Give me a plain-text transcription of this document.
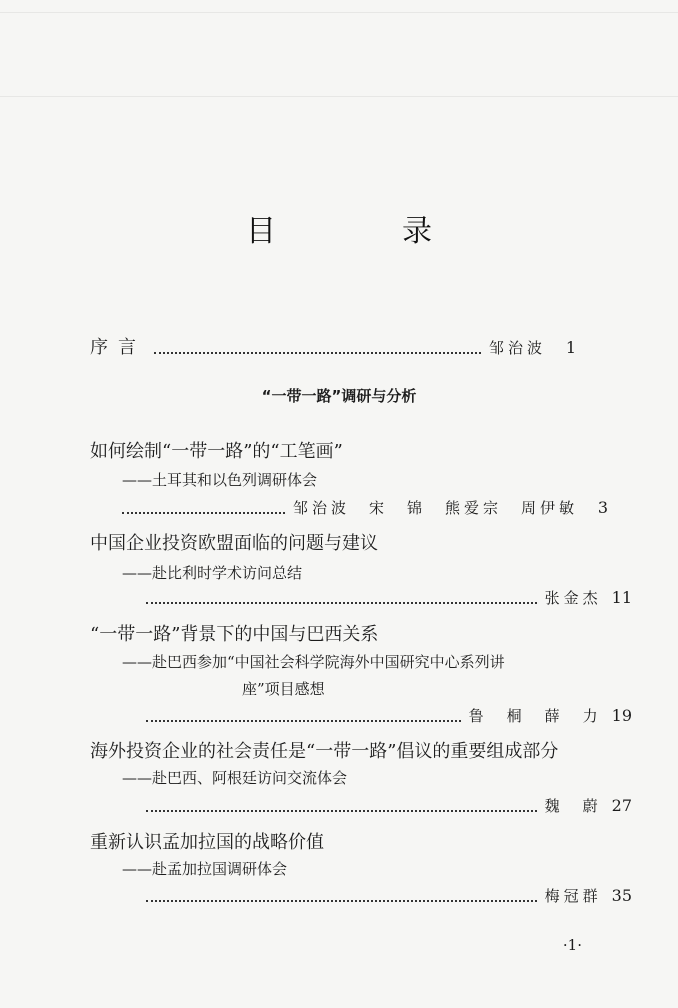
目　录
序言	邹治波	1
“一带一路”调研与分析
如何绘制“一带一路”的“工笔画”
——土耳其和以色列调研体会
邹治波　宋　锦　熊爱宗　周伊敏	3
中国企业投资欧盟面临的问题与建议
——赴比利时学术访问总结
张金杰 11
“一带一路”背景下的中国与巴西关系
——赴巴西参加“中国社会科学院海外中国研究中心系列讲
座”项目感想
鲁　桐　薛　力 19
海外投资企业的社会责任是“一带一路”倡议的重要组成部分
——赴巴西、阿根廷访问交流体会
魏　蔚 27
重新认识孟加拉国的战略价值
——赴孟加拉国调研体会
梅冠群 35
·1·
